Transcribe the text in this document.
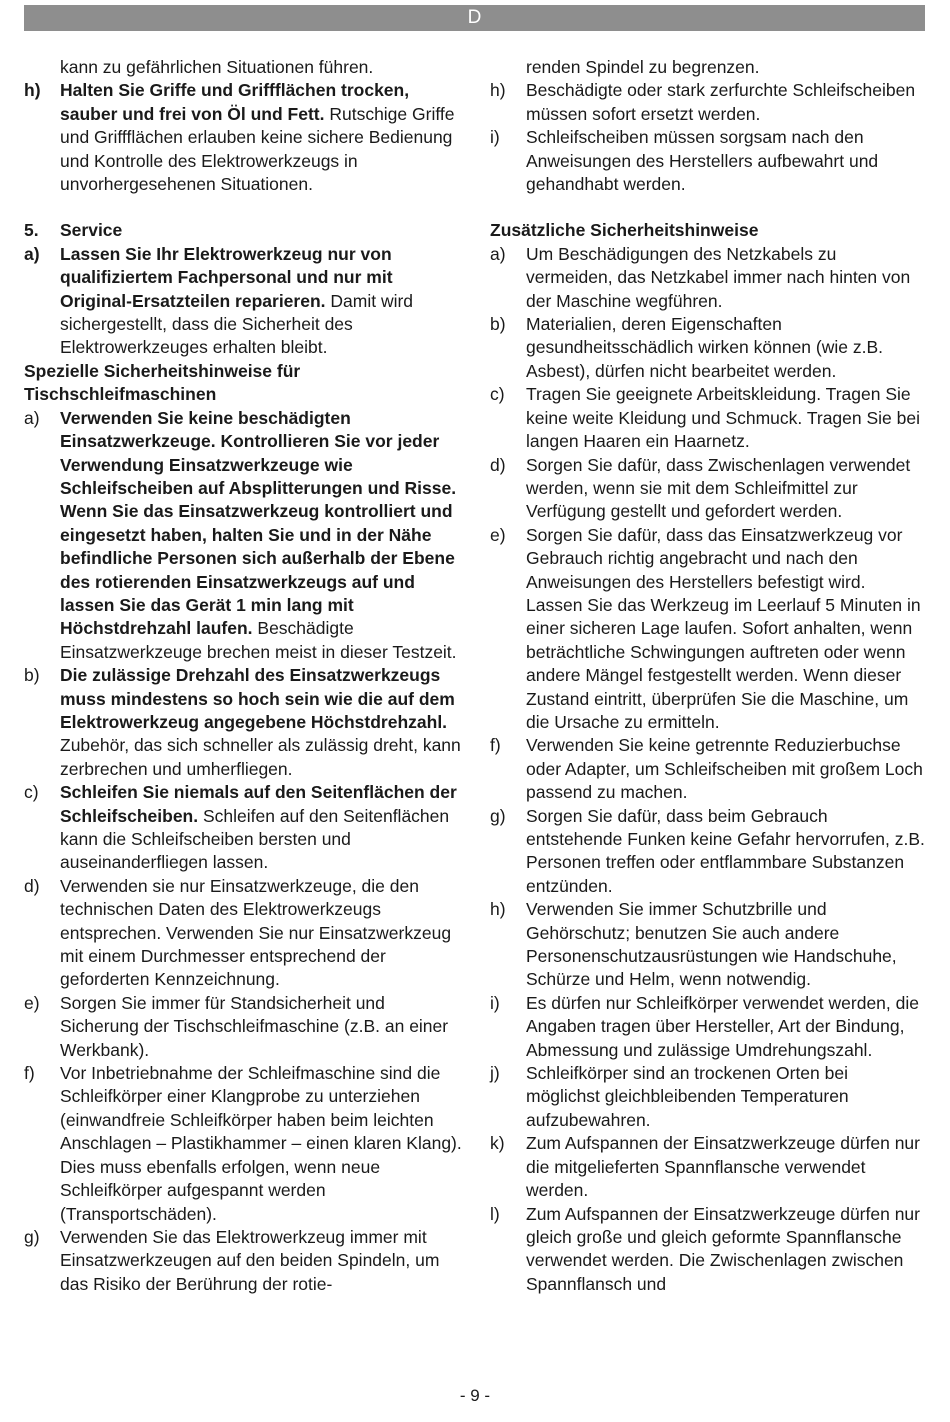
D
kann zu gefährlichen Situationen führen.
h)	Halten Sie Griffe und Griffflächen trocken, sauber und frei von Öl und Fett. Rutschige Griffe und Griffflächen erlauben keine sichere Bedienung und Kontrolle des Elektrowerkzeugs in unvorhergesehenen Situationen.
5.	Service
a)	Lassen Sie Ihr Elektrowerkzeug nur von qualifiziertem Fachpersonal und nur mit Original-Ersatzteilen reparieren. Damit wird sichergestellt, dass die Sicherheit des Elektrowerkzeuges erhalten bleibt.
Spezielle Sicherheitshinweise für Tischschleifmaschinen
a)	Verwenden Sie keine beschädigten Einsatzwerkzeuge. Kontrollieren Sie vor jeder Verwendung Einsatzwerkzeuge wie Schleifscheiben auf Absplitterungen und Risse. Wenn Sie das Einsatzwerkzeug kontrolliert und eingesetzt haben, halten Sie und in der Nähe befindliche Personen sich außerhalb der Ebene des rotierenden Einsatzwerkzeugs auf und lassen Sie das Gerät 1 min lang mit Höchstdrehzahl laufen. Beschädigte Einsatzwerkzeuge brechen meist in dieser Testzeit.
b)	Die zulässige Drehzahl des Einsatzwerkzeugs muss mindestens so hoch sein wie die auf dem Elektrowerkzeug angegebene Höchstdrehzahl. Zubehör, das sich schneller als zulässig dreht, kann zerbrechen und umherfliegen.
c)	Schleifen Sie niemals auf den Seitenflächen der Schleifscheiben. Schleifen auf den Seitenflächen kann die Schleifscheiben bersten und auseinanderfliegen lassen.
d)	Verwenden sie nur Einsatzwerkzeuge, die den technischen Daten des Elektrowerkzeugs entsprechen. Verwenden Sie nur Einsatzwerkzeug mit einem Durchmesser entsprechend der geforderten Kennzeichnung.
e)	Sorgen Sie immer für Standsicherheit und Sicherung der Tischschleifmaschine (z.B. an einer Werkbank).
f)	Vor Inbetriebnahme der Schleifmaschine sind die Schleifkörper einer Klangprobe zu unterziehen (einwandfreie Schleifkörper haben beim leichten Anschlagen – Plastikhammer – einen klaren Klang). Dies muss ebenfalls erfolgen, wenn neue Schleifkörper aufgespannt werden (Transportschäden).
g)	Verwenden Sie das Elektrowerkzeug immer mit Einsatzwerkzeugen auf den beiden Spindeln, um das Risiko der Berührung der rotie-
renden Spindel zu begrenzen.
h)	Beschädigte oder stark zerfurchte Schleifscheiben müssen sofort ersetzt werden.
i)	Schleifscheiben müssen sorgsam nach den Anweisungen des Herstellers aufbewahrt und gehandhabt werden.
Zusätzliche Sicherheitshinweise
a)	Um Beschädigungen des Netzkabels zu vermeiden, das Netzkabel immer nach hinten von der Maschine wegführen.
b)	Materialien, deren Eigenschaften gesundheitsschädlich wirken können (wie z.B. Asbest), dürfen nicht bearbeitet werden.
c)	Tragen Sie geeignete Arbeitskleidung. Tragen Sie keine weite Kleidung und Schmuck. Tragen Sie bei langen Haaren ein Haarnetz.
d)	Sorgen Sie dafür, dass Zwischenlagen verwendet werden, wenn sie mit dem Schleifmittel zur Verfügung gestellt und gefordert werden.
e)	Sorgen Sie dafür, dass das Einsatzwerkzeug vor Gebrauch richtig angebracht und nach den Anweisungen des Herstellers befestigt wird. Lassen Sie das Werkzeug im Leerlauf 5 Minuten in einer sicheren Lage laufen. Sofort anhalten, wenn beträchtliche Schwingungen auftreten oder wenn andere Mängel festgestellt werden. Wenn dieser Zustand eintritt, überprüfen Sie die Maschine, um die Ursache zu ermitteln.
f)	Verwenden Sie keine getrennte Reduzierbuchse oder Adapter, um Schleifscheiben mit großem Loch passend zu machen.
g)	Sorgen Sie dafür, dass beim Gebrauch entstehende Funken keine Gefahr hervorrufen, z.B. Personen treffen oder entflammbare Substanzen entzünden.
h)	Verwenden Sie immer Schutzbrille und Gehörschutz; benutzen Sie auch andere Personenschutzausrüstungen wie Handschuhe, Schürze und Helm, wenn notwendig.
i)	Es dürfen nur Schleifkörper verwendet werden, die Angaben tragen über Hersteller, Art der Bindung, Abmessung und zulässige Umdrehungszahl.
j)	Schleifkörper sind an trockenen Orten bei möglichst gleichbleibenden Temperaturen aufzubewahren.
k)	Zum Aufspannen der Einsatzwerkzeuge dürfen nur die mitgelieferten Spannflansche verwendet werden.
l)	Zum Aufspannen der Einsatzwerkzeuge dürfen nur gleich große und gleich geformte Spannflansche verwendet werden. Die Zwischenlagen zwischen Spannflansch und
- 9 -
